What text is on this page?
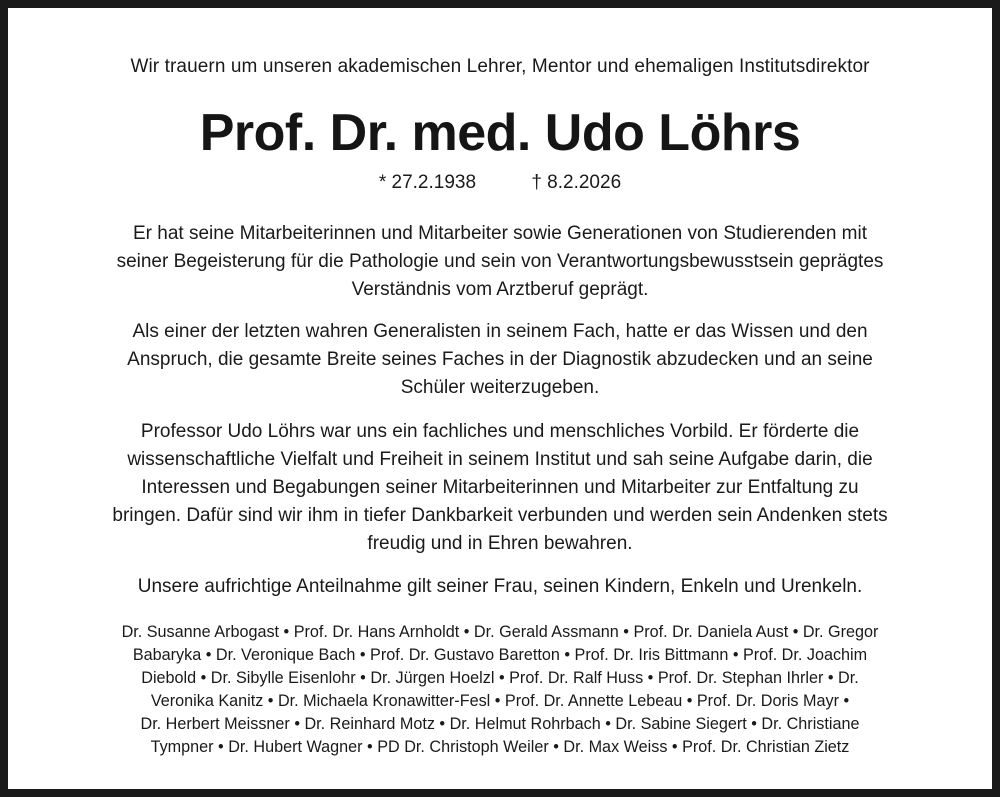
Wir trauern um unseren akademischen Lehrer, Mentor und ehemaligen Institutsdirektor
Prof. Dr. med. Udo Löhrs
* 27.2.1938	† 8.2.2026
Er hat seine Mitarbeiterinnen und Mitarbeiter sowie Generationen von Studierenden mit
seiner Begeisterung für die Pathologie und sein von Verantwortungsbewusstsein geprägtes
Verständnis vom Arztberuf geprägt.
Als einer der letzten wahren Generalisten in seinem Fach, hatte er das Wissen und den
Anspruch, die gesamte Breite seines Faches in der Diagnostik abzudecken und an seine
Schüler weiterzugeben.
Professor Udo Löhrs war uns ein fachliches und menschliches Vorbild. Er förderte die
wissenschaftliche Vielfalt und Freiheit in seinem Institut und sah seine Aufgabe darin, die
Interessen und Begabungen seiner Mitarbeiterinnen und Mitarbeiter zur Entfaltung zu
bringen. Dafür sind wir ihm in tiefer Dankbarkeit verbunden und werden sein Andenken stets
freudig und in Ehren bewahren.
Unsere aufrichtige Anteilnahme gilt seiner Frau, seinen Kindern, Enkeln und Urenkeln.
Dr. Susanne Arbogast • Prof. Dr. Hans Arnholdt • Dr. Gerald Assmann • Prof. Dr. Daniela Aust • Dr. Gregor
Babaryka • Dr. Veronique Bach • Prof. Dr. Gustavo Baretton • Prof. Dr. Iris Bittmann • Prof. Dr. Joachim
Diebold • Dr. Sibylle Eisenlohr • Dr. Jürgen Hoelzl • Prof. Dr. Ralf Huss • Prof. Dr. Stephan Ihrler • Dr.
Veronika Kanitz • Dr. Michaela Kronawitter-Fesl • Prof. Dr. Annette Lebeau • Prof. Dr. Doris Mayr •
Dr. Herbert Meissner • Dr. Reinhard Motz • Dr. Helmut Rohrbach • Dr. Sabine Siegert • Dr. Christiane
Tympner • Dr. Hubert Wagner • PD Dr. Christoph Weiler • Dr. Max Weiss • Prof. Dr. Christian Zietz
